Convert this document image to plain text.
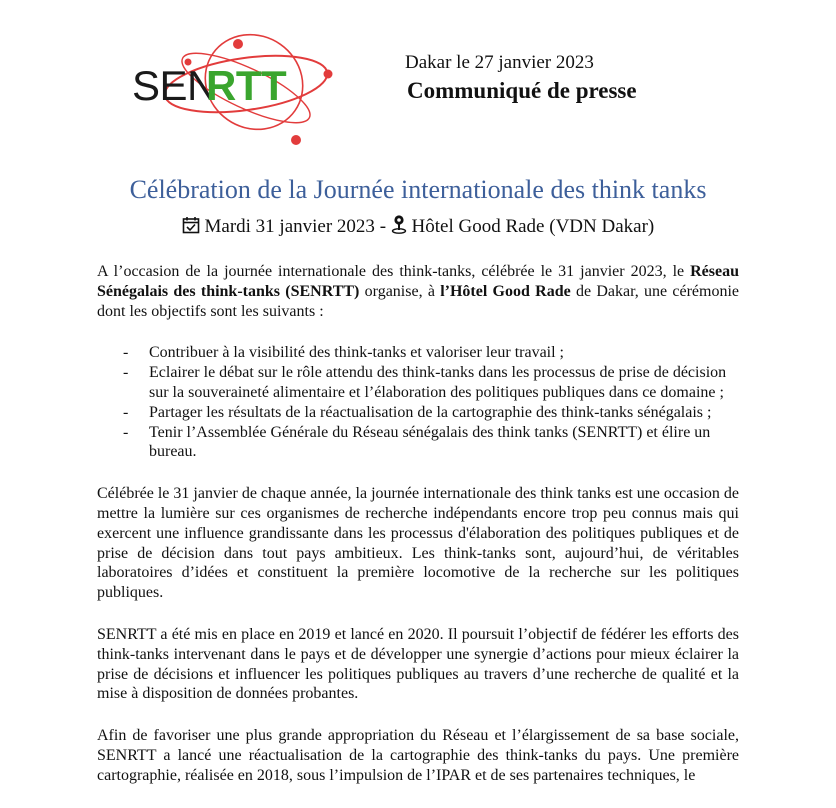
SEN
RTT	Dakar le 27 janvier 2023
Communiqué de presse
Célébration de la Journée internationale des think tanks
Mardi 31 janvier 2023 - Hôtel Good Rade (VDN Dakar)

A l’occasion de la journée internationale des think-tanks, célébrée le 31 janvier 2023, le Réseau Sénégalais des think-tanks (SENRTT) organise, à l’Hôtel Good Rade de Dakar, une cérémonie dont les objectifs sont les suivants :

- Contribuer à la visibilité des think-tanks et valoriser leur travail ;
- Eclairer le débat sur le rôle attendu des think-tanks dans les processus de prise de décision sur la souveraineté alimentaire et l’élaboration des politiques publiques dans ce domaine ;
- Partager les résultats de la réactualisation de la cartographie des think-tanks sénégalais ;
- Tenir l’Assemblée Générale du Réseau sénégalais des think tanks (SENRTT) et élire un bureau.

Célébrée le 31 janvier de chaque année, la journée internationale des think tanks est une occasion de mettre la lumière sur ces organismes de recherche indépendants encore trop peu connus mais qui exercent une influence grandissante dans les processus d'élaboration des politiques publiques et de prise de décision dans tout pays ambitieux. Les think-tanks sont, aujourd’hui, de véritables laboratoires d’idées et constituent la première locomotive de la recherche sur les politiques publiques.

SENRTT a été mis en place en 2019 et lancé en 2020. Il poursuit l’objectif de fédérer les efforts des think-tanks intervenant dans le pays et de développer une synergie d’actions pour mieux éclairer la prise de décisions et influencer les politiques publiques au travers d’une recherche de qualité et la mise à disposition de données probantes.

Afin de favoriser une plus grande appropriation du Réseau et l’élargissement de sa base sociale, SENRTT a lancé une réactualisation de la cartographie des think-tanks du pays. Une première cartographie, réalisée en 2018, sous l’impulsion de l’IPAR et de ses partenaires techniques, le
